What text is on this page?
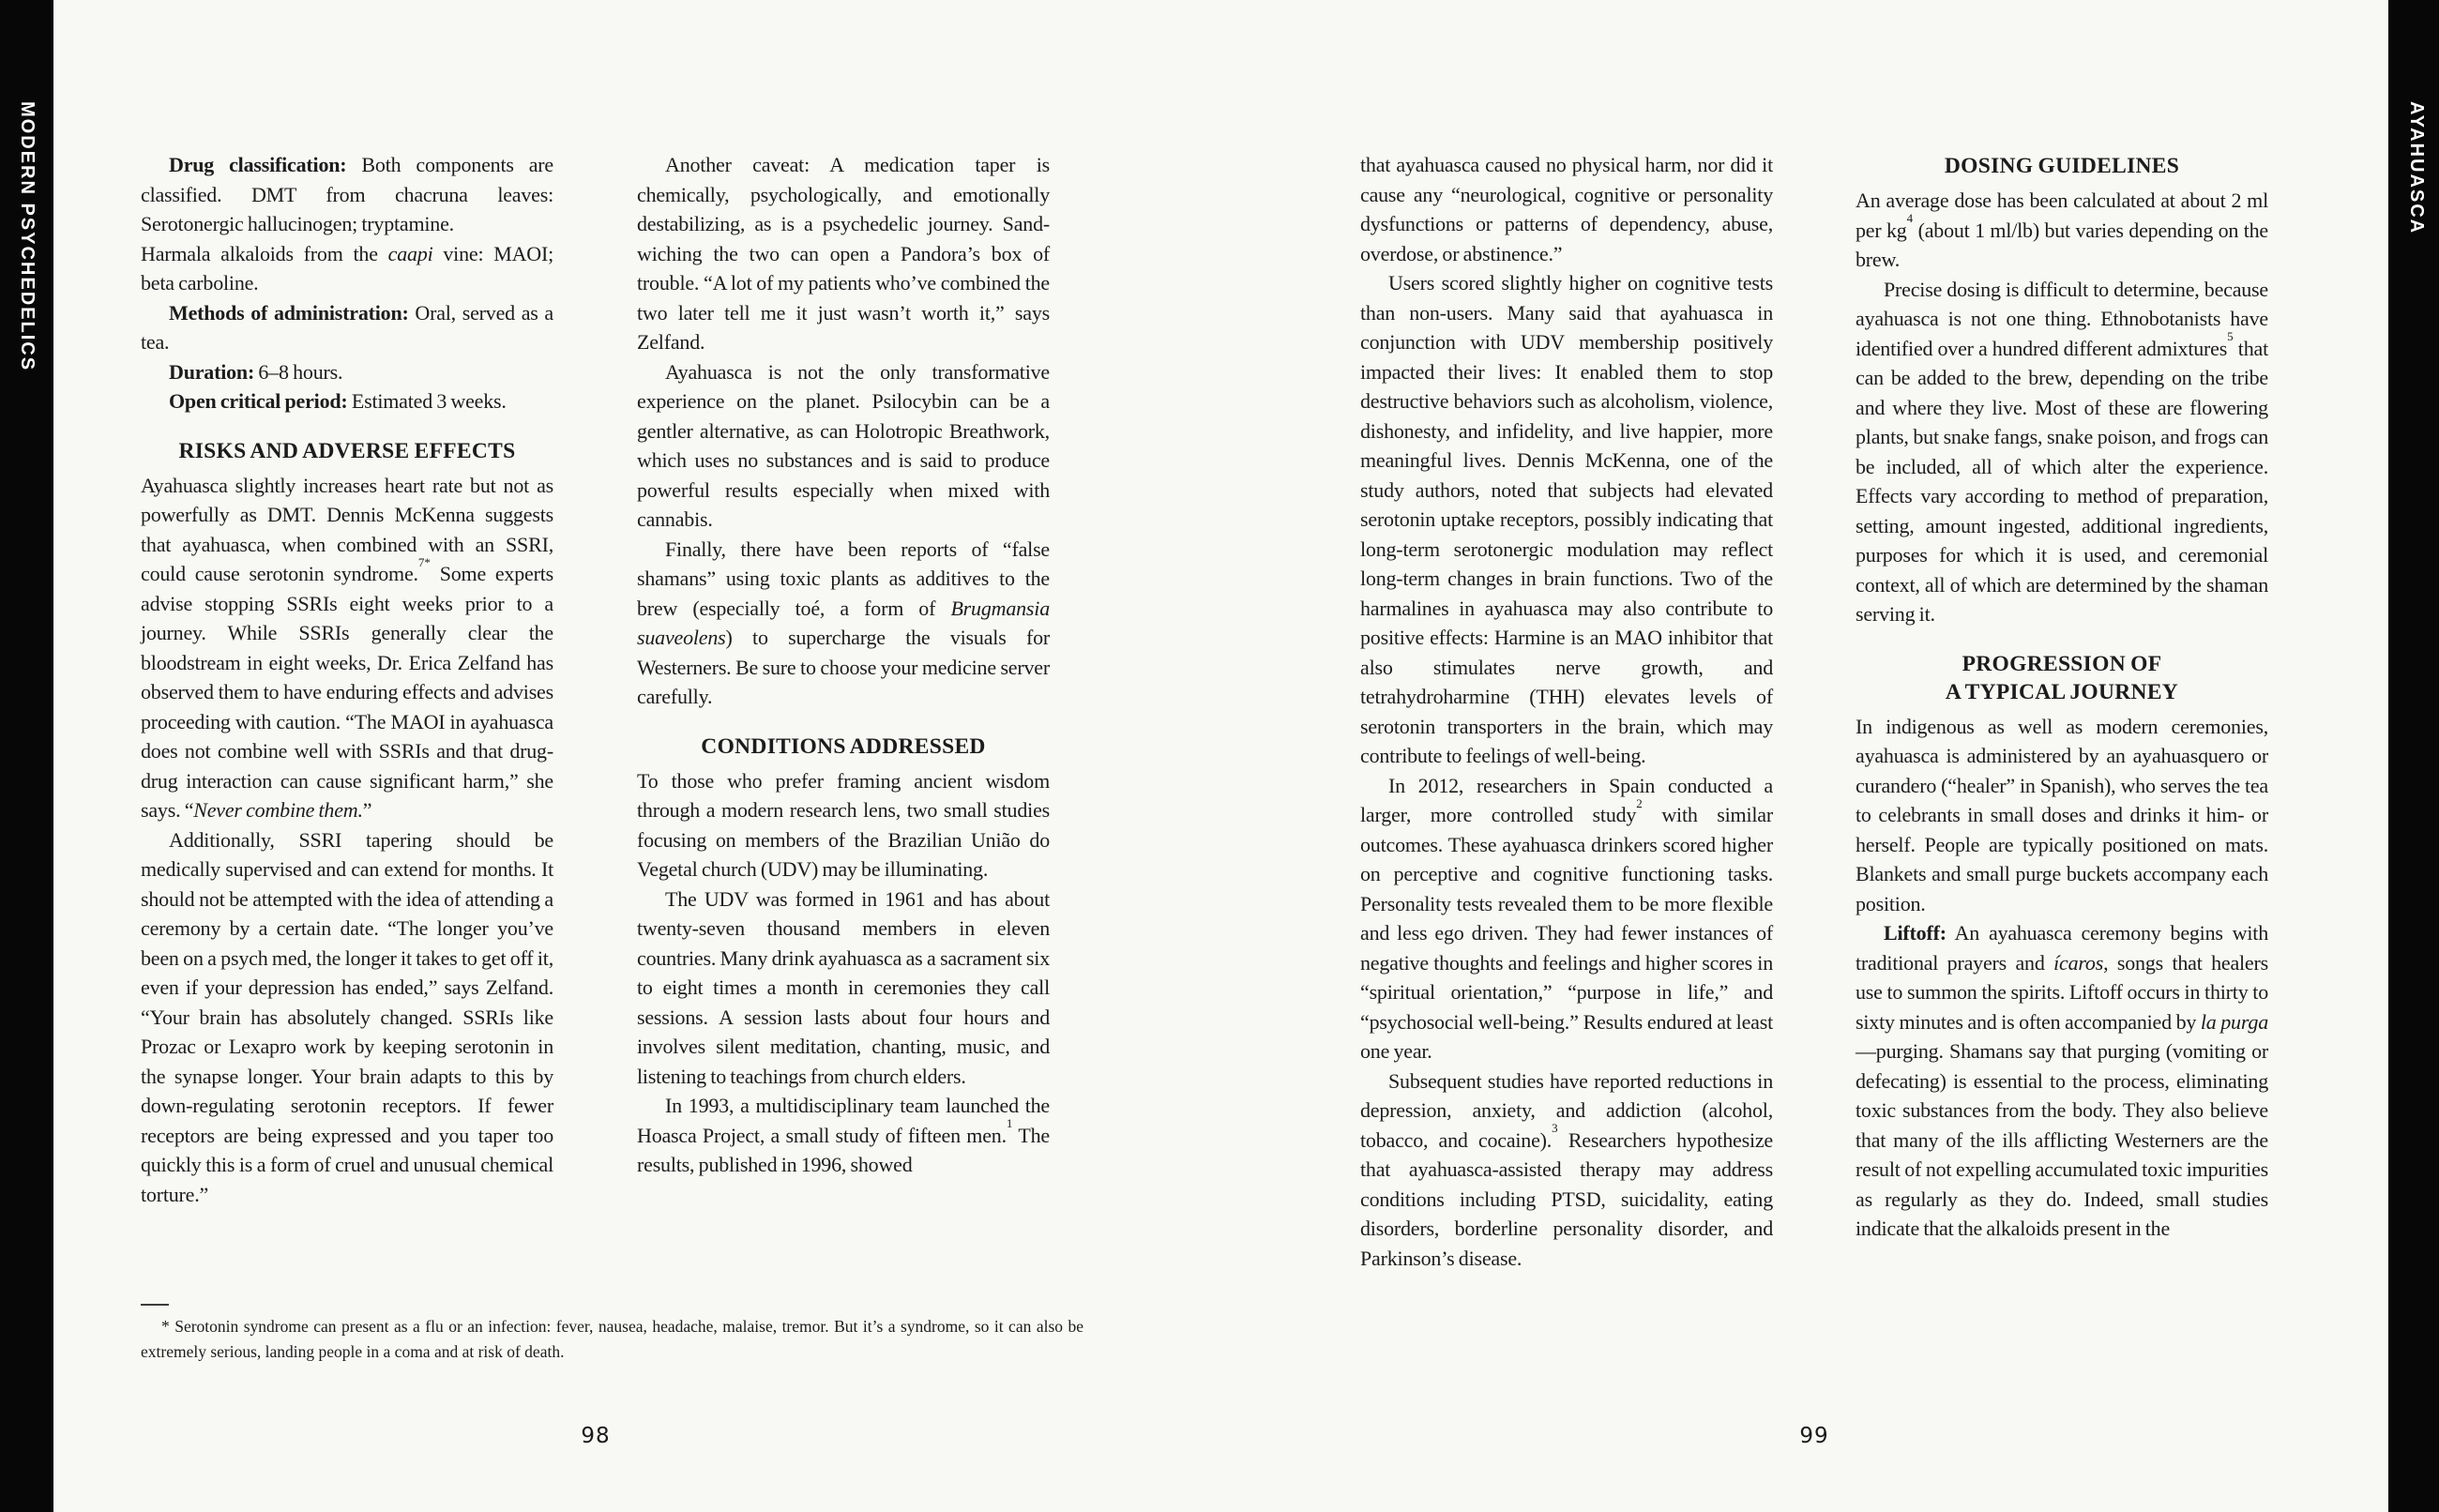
MODERN PSYCHEDELICS	AYAHUASCA

Drug classification: Both components are classified. DMT from chacruna leaves: Serotonergic hallucinogen; tryptamine.

Harmala alkaloids from the caapi vine: MAOI; beta carboline.

Methods of administration: Oral, served as a tea.

Duration: 6–8 hours.

Open critical period: Estimated 3 weeks.

RISKS AND ADVERSE EFFECTS

Ayahuasca slightly increases heart rate but not as powerfully as DMT. Dennis McKenna suggests that ayahuasca, when combined with an SSRI, could cause serotonin syndrome.$^{7*}$ Some experts advise stopping SSRIs eight weeks prior to a journey. While SSRIs generally clear the bloodstream in eight weeks, Dr. Erica Zelfand has observed them to have enduring effects and advises proceeding with caution. “The MAOI in ayahuasca does not combine well with SSRIs and that drug-drug interaction can cause significant harm,” she says. “Never combine them.”

Additionally, SSRI tapering should be medically supervised and can extend for months. It should not be attempted with the idea of attending a ceremony by a certain date. “The longer you’ve been on a psych med, the longer it takes to get off it, even if your depression has ended,” says Zelfand. “Your brain has absolutely changed. SSRIs like Prozac or Lexapro work by keeping serotonin in the synapse longer. Your brain adapts to this by down-regulating serotonin receptors. If fewer receptors are being expressed and you taper too quickly this is a form of cruel and unusual chemical torture.”

Another caveat: A medication taper is chemically, psychologically, and emotionally destabilizing, as is a psychedelic journey. Sand-wiching the two can open a Pandora’s box of trouble. “A lot of my patients who’ve combined the two later tell me it just wasn’t worth it,” says Zelfand.

Ayahuasca is not the only transformative experience on the planet. Psilocybin can be a gentler alternative, as can Holotropic Breathwork, which uses no substances and is said to produce powerful results especially when mixed with cannabis.

Finally, there have been reports of “false shamans” using toxic plants as additives to the brew (especially toé, a form of Brugmansia suaveolens) to supercharge the visuals for Westerners. Be sure to choose your medicine server carefully.

CONDITIONS ADDRESSED

To those who prefer framing ancient wisdom through a modern research lens, two small studies focusing on members of the Brazilian União do Vegetal church (UDV) may be illuminating.

The UDV was formed in 1961 and has about twenty-seven thousand members in eleven countries. Many drink ayahuasca as a sacrament six to eight times a month in ceremonies they call sessions. A session lasts about four hours and involves silent meditation, chanting, music, and listening to teachings from church elders.

In 1993, a multidisciplinary team launched the Hoasca Project, a small study of fifteen men.$^1$ The results, published in 1996, showed

that ayahuasca caused no physical harm, nor did it cause any “neurological, cognitive or personality dysfunctions or patterns of dependency, abuse, overdose, or abstinence.”

Users scored slightly higher on cognitive tests than non-users. Many said that ayahuasca in conjunction with UDV membership positively impacted their lives: It enabled them to stop destructive behaviors such as alcoholism, violence, dishonesty, and infidelity, and live happier, more meaningful lives. Dennis McKenna, one of the study authors, noted that subjects had elevated serotonin uptake receptors, possibly indicating that long-term serotonergic modulation may reflect long-term changes in brain functions. Two of the harmalines in ayahuasca may also contribute to positive effects: Harmine is an MAO inhibitor that also stimulates nerve growth, and tetrahydroharmine (THH) elevates levels of serotonin transporters in the brain, which may contribute to feelings of well-being.

In 2012, researchers in Spain conducted a larger, more controlled study$^2$ with similar outcomes. These ayahuasca drinkers scored higher on perceptive and cognitive functioning tasks. Personality tests revealed them to be more flexible and less ego driven. They had fewer instances of negative thoughts and feelings and higher scores in “spiritual orientation,” “purpose in life,” and “psychosocial well-being.” Results endured at least one year.

Subsequent studies have reported reductions in depression, anxiety, and addiction (alcohol, tobacco, and cocaine).$^3$ Researchers hypothesize that ayahuasca-assisted therapy may address conditions including PTSD, suicidality, eating disorders, borderline personality disorder, and Parkinson’s disease.

DOSING GUIDELINES

An average dose has been calculated at about 2 ml per kg$^4$ (about 1 ml/lb) but varies depending on the brew.

Precise dosing is difficult to determine, because ayahuasca is not one thing. Ethnobotanists have identified over a hundred different admixtures$^5$ that can be added to the brew, depending on the tribe and where they live. Most of these are flowering plants, but snake fangs, snake poison, and frogs can be included, all of which alter the experience. Effects vary according to method of preparation, setting, amount ingested, additional ingredients, purposes for which it is used, and ceremonial context, all of which are determined by the shaman serving it.

PROGRESSION OF
A TYPICAL JOURNEY

In indigenous as well as modern ceremonies, ayahuasca is administered by an ayahuasquero or curandero (“healer” in Spanish), who serves the tea to celebrants in small doses and drinks it him- or herself. People are typically positioned on mats. Blankets and small purge buckets accompany each position.

Liftoff: An ayahuasca ceremony begins with traditional prayers and ícaros, songs that healers use to summon the spirits. Liftoff occurs in thirty to sixty minutes and is often accompanied by la purga—purging. Shamans say that purging (vomiting or defecating) is essential to the process, eliminating toxic substances from the body. They also believe that many of the ills afflicting Westerners are the result of not expelling accumulated toxic impurities as regularly as they do. Indeed, small studies indicate that the alkaloids present in the

* Serotonin syndrome can present as a flu or an infection: fever, nausea, headache, malaise, tremor. But it’s a syndrome, so it can also be extremely serious, landing people in a coma and at risk of death.

98	99
